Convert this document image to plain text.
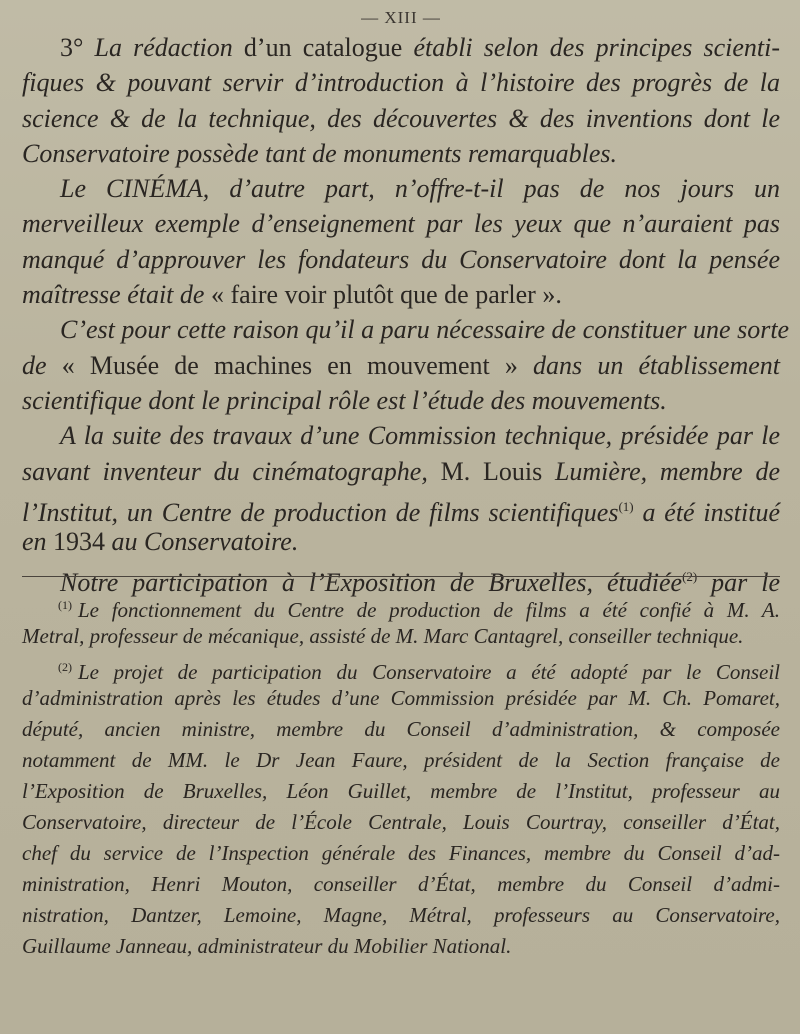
— XIII —
3° La rédaction d’un catalogue établi selon des principes scienti-
fiques & pouvant servir d’introduction à l’histoire des progrès de la
science & de la technique, des découvertes & des inventions dont le
Conservatoire possède tant de monuments remarquables.
Le CINÉMA, d’autre part, n’offre-t-il pas de nos jours un
merveilleux exemple d’enseignement par les yeux que n’auraient pas
manqué d’approuver les fondateurs du Conservatoire dont la pensée
maîtresse était de « faire voir plutôt que de parler ».
C’est pour cette raison qu’il a paru nécessaire de constituer une sorte
de « Musée de machines en mouvement » dans un établissement
scientifique dont le principal rôle est l’étude des mouvements.
A la suite des travaux d’une Commission technique, présidée par le
savant inventeur du cinématographe, M. Louis Lumière, membre de
l’Institut, un Centre de production de films scientifiques$^{(1)}$ a été institué
en 1934 au Conservatoire.
Notre participation à l’Exposition de Bruxelles, étudiée$^{(2)}$ par le
$^{(1)}$ Le fonctionnement du Centre de production de films a été confié à M. A.
Metral, professeur de mécanique, assisté de M. Marc Cantagrel, conseiller technique.
$^{(2)}$ Le projet de participation du Conservatoire a été adopté par le Conseil
d’administration après les études d’une Commission présidée par M. Ch. Pomaret,
député, ancien ministre, membre du Conseil d’administration, & composée
notamment de MM. le Dr Jean Faure, président de la Section française de
l’Exposition de Bruxelles, Léon Guillet, membre de l’Institut, professeur au
Conservatoire, directeur de l’École Centrale, Louis Courtray, conseiller d’État,
chef du service de l’Inspection générale des Finances, membre du Conseil d’ad-
ministration, Henri Mouton, conseiller d’État, membre du Conseil d’admi-
nistration, Dantzer, Lemoine, Magne, Métral, professeurs au Conservatoire,
Guillaume Janneau, administrateur du Mobilier National.
